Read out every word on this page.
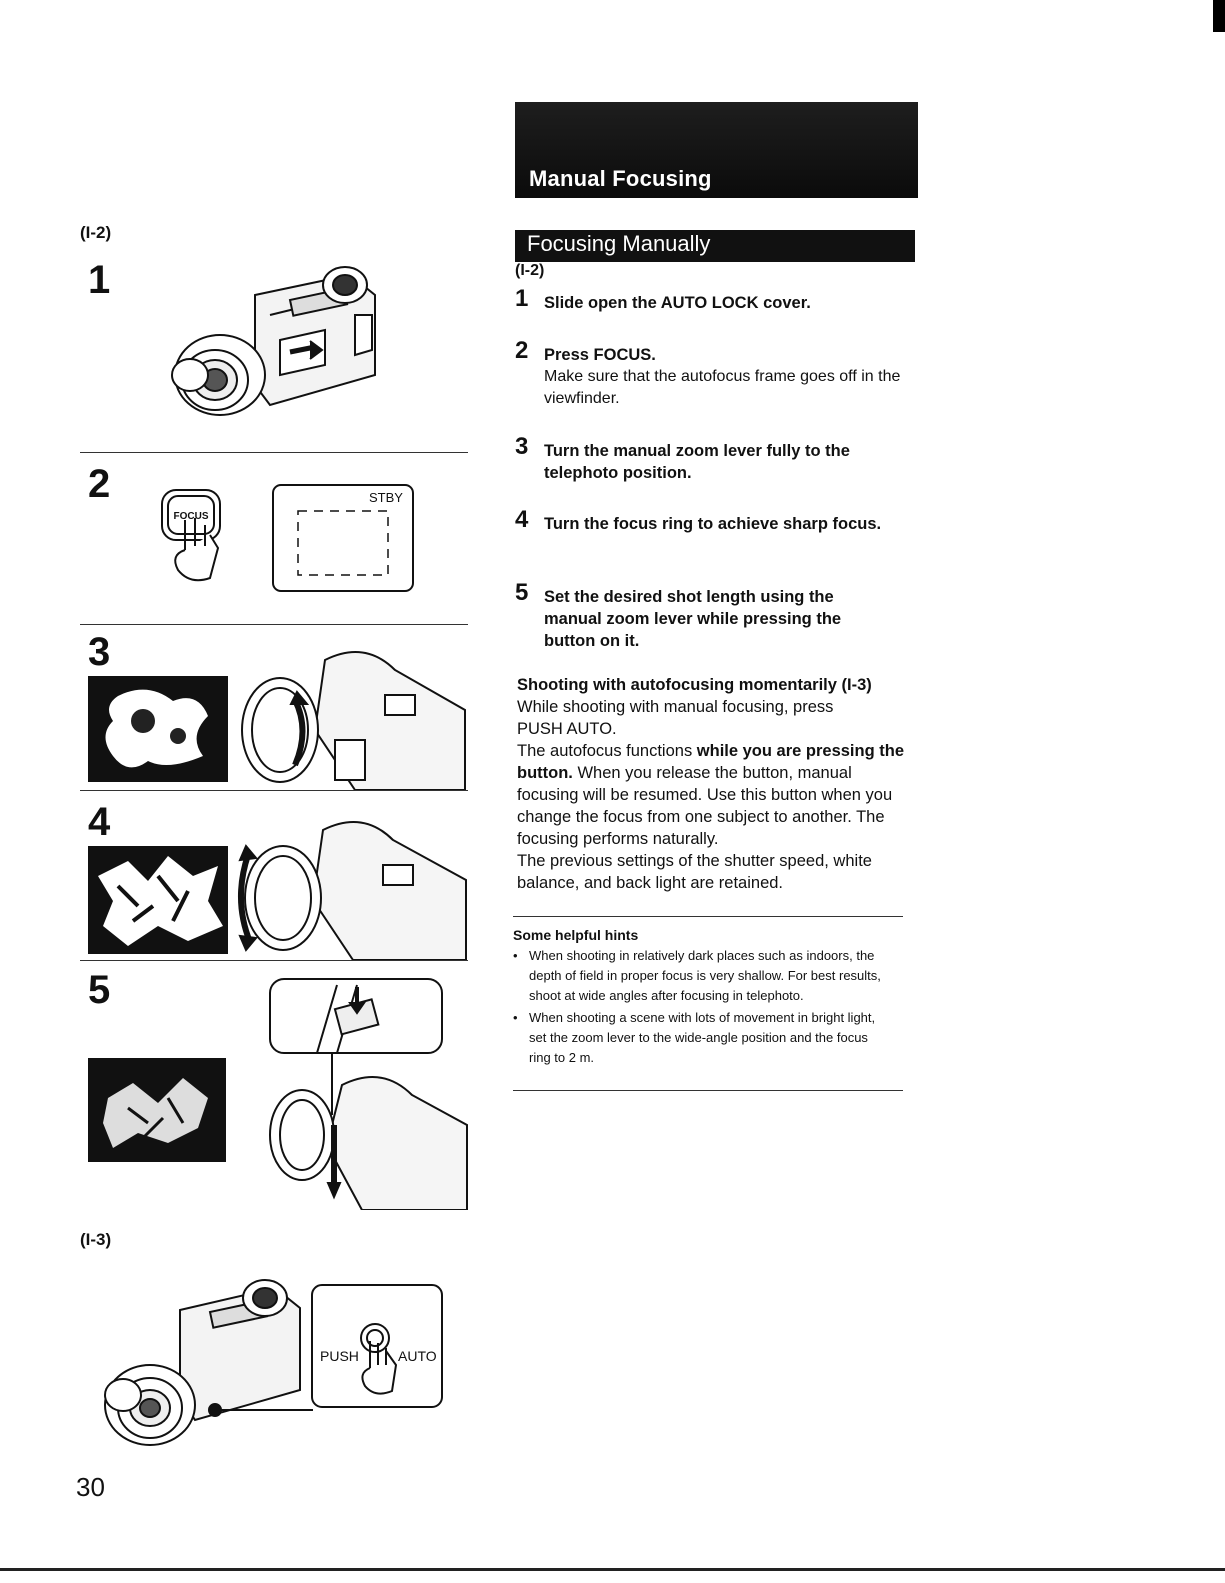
(I-2)
1
2
FOCUS
STBY
3
4
5
(I-3)
PUSH	AUTO
30
Manual Focusing
Focusing Manually
(I-2)
1 Slide open the AUTO LOCK cover.
2 Press FOCUS.
Make sure that the autofocus frame goes off in the viewfinder.
3 Turn the manual zoom lever fully to the telephoto position.
4 Turn the focus ring to achieve sharp focus.
5 Set the desired shot length using the manual zoom lever while pressing the button on it.
Shooting with autofocusing momentarily (I-3)
While shooting with manual focusing, press PUSH AUTO.
The autofocus functions while you are pressing the button. When you release the button, manual focusing will be resumed. Use this button when you change the focus from one subject to another. The focusing performs naturally.
The previous settings of the shutter speed, white balance, and back light are retained.
Some helpful hints
• When shooting in relatively dark places such as indoors, the depth of field in proper focus is very shallow. For best results, shoot at wide angles after focusing in telephoto.
• When shooting a scene with lots of movement in bright light, set the zoom lever to the wide-angle position and the focus ring to 2 m.
